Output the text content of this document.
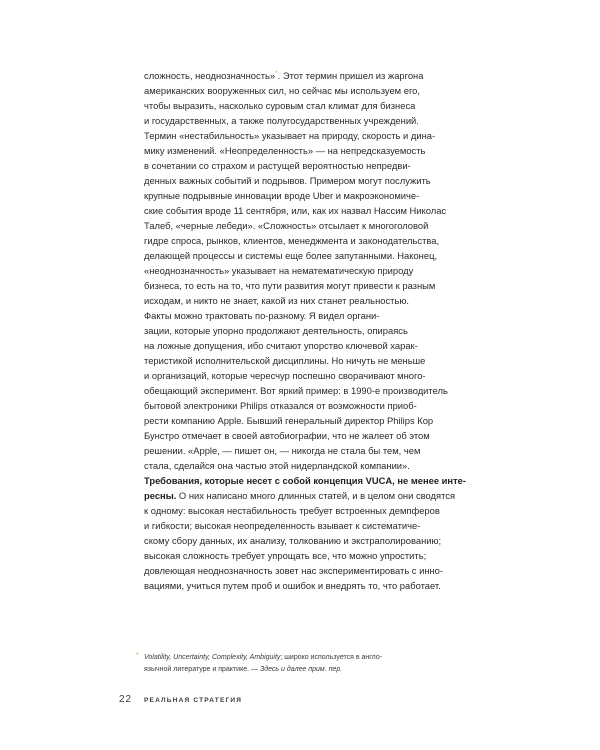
сложность, неоднозначность»*. Этот термин пришел из жаргона
американских вооруженных сил, но сейчас мы используем его,
чтобы выразить, насколько суровым стал климат для бизнеса
и государственных, а также полугосударственных учреждений.
Термин «нестабильность» указывает на природу, скорость и дина-
мику изменений. «Неопределенность» — на непредсказуемость
в сочетании со страхом и растущей вероятностью непредви-
денных важных событий и подрывов. Примером могут послужить
крупные подрывные инновации вроде Uber и макроэкономиче-
ские события вроде 11 сентября, или, как их назвал Нассим Николас
Талеб, «черные лебеди». «Сложность» отсылает к многоголовой
гидре спроса, рынков, клиентов, менеджмента и законодательства,
делающей процессы и системы еще более запутанными. Наконец,
«неоднозначность» указывает на нематематическую природу
бизнеса, то есть на то, что пути развития могут привести к разным
исходам, и никто не знает, какой из них станет реальностью.
Факты можно трактовать по-разному. Я видел органи-
зации, которые упорно продолжают деятельность, опираясь
на ложные допущения, ибо считают упорство ключевой харак-
теристикой исполнительской дисциплины. Но ничуть не меньше
и организаций, которые чересчур поспешно сворачивают много-
обещающий эксперимент. Вот яркий пример: в 1990-е производитель
бытовой электроники Philips отказался от возможности приоб-
рести компанию Apple. Бывший генеральный директор Philips Кор
Бунстро отмечает в своей автобиографии, что не жалеет об этом
решении. «Apple, — пишет он, — никогда не стала бы тем, чем
стала, сделайся она частью этой нидерландской компании».
Требования, которые несет с собой концепция VUCA, не менее инте-
ресны. О них написано много длинных статей, и в целом они сводятся
к одному: высокая нестабильность требует встроенных демпферов
и гибкости; высокая неопределенность взывает к систематиче-
скому сбору данных, их анализу, толкованию и экстраполированию;
высокая сложность требует упрощать все, что можно упростить;
довлеющая неоднозначность зовет нас экспериментировать с инно-
вациями, учиться путем проб и ошибок и внедрять то, что работает.
* Volatility, Uncertainty, Complexity, Ambiguity; широко используется в англо-
язычной литературе и практике. — Здесь и далее прим. пер.
22 РЕАЛЬНАЯ СТРАТЕГИЯ
